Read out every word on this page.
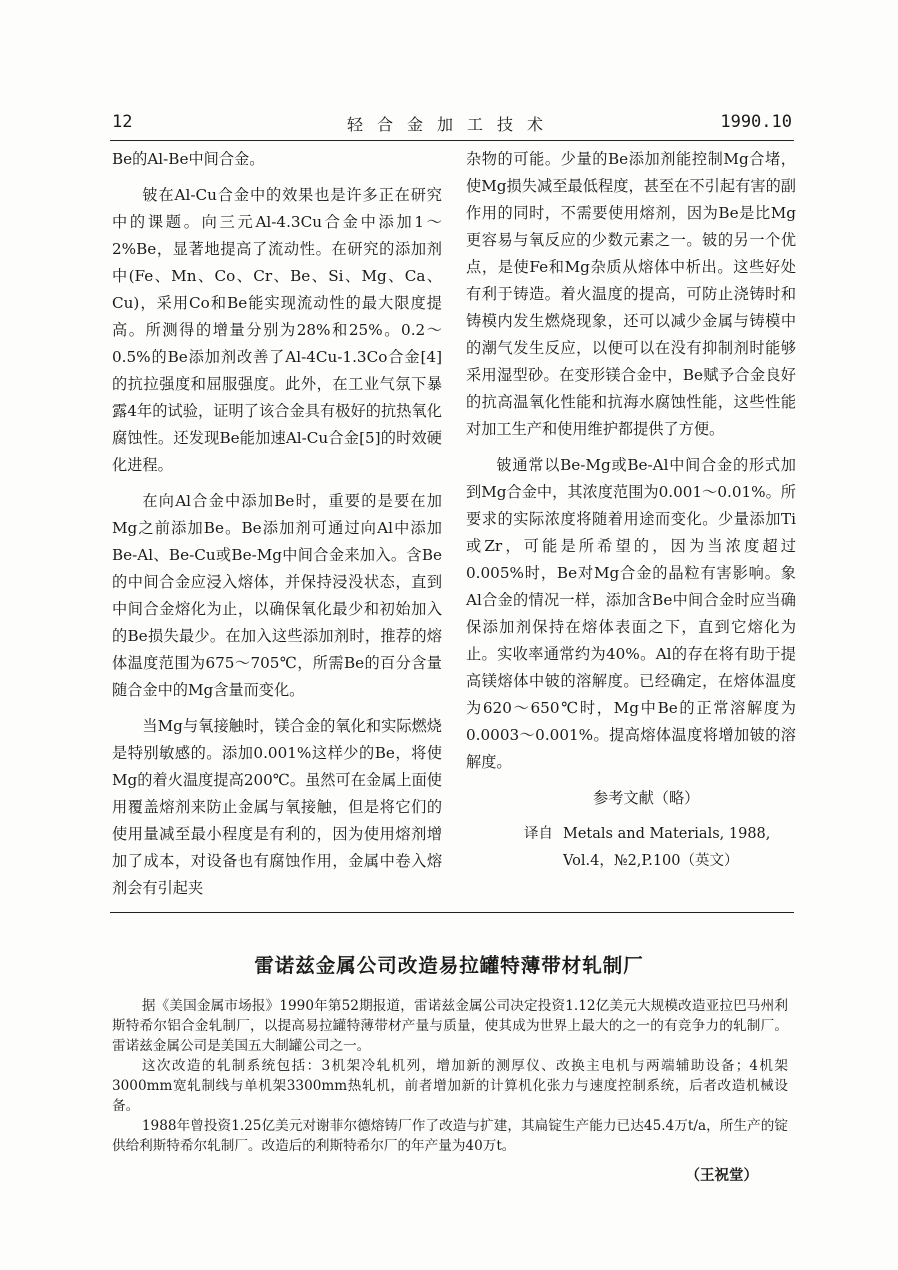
12	轻合金加工技术	1990.10

Be的Al-Be中间合金。

铍在Al-Cu合金中的效果也是许多正在研究中的课题。向三元Al-4.3Cu合金中添加1～2%Be，显著地提高了流动性。在研究的添加剂中(Fe、Mn、Co、Cr、Be、Si、Mg、Ca、Cu)，采用Co和Be能实现流动性的最大限度提高。所测得的增量分别为28%和25%。0.2～0.5%的Be添加剂改善了Al-4Cu-1.3Co合金[4]的抗拉强度和屈服强度。此外，在工业气氛下暴露4年的试验，证明了该合金具有极好的抗热氧化腐蚀性。还发现Be能加速Al-Cu合金[5]的时效硬化进程。

在向Al合金中添加Be时，重要的是要在加Mg之前添加Be。Be添加剂可通过向Al中添加Be-Al、Be-Cu或Be-Mg中间合金来加入。含Be的中间合金应浸入熔体，并保持浸没状态，直到中间合金熔化为止，以确保氧化最少和初始加入的Be损失最少。在加入这些添加剂时，推荐的熔体温度范围为675～705℃，所需Be的百分含量随合金中的Mg含量而变化。

当Mg与氧接触时，镁合金的氧化和实际燃烧是特别敏感的。添加0.001%这样少的Be，将使Mg的着火温度提高200℃。虽然可在金属上面使用覆盖熔剂来防止金属与氧接触，但是将它们的使用量减至最小程度是有利的，因为使用熔剂增加了成本，对设备也有腐蚀作用，金属中卷入熔剂会有引起夹

杂物的可能。少量的Be添加剂能控制Mg合堵，使Mg损失减至最低程度，甚至在不引起有害的副作用的同时，不需要使用熔剂，因为Be是比Mg更容易与氧反应的少数元素之一。铍的另一个优点，是使Fe和Mg杂质从熔体中析出。这些好处有利于铸造。着火温度的提高，可防止浇铸时和铸模内发生燃烧现象，还可以减少金属与铸模中的潮气发生反应，以便可以在没有抑制剂时能够采用湿型砂。在变形镁合金中，Be赋予合金良好的抗高温氧化性能和抗海水腐蚀性能，这些性能对加工生产和使用维护都提供了方便。

铍通常以Be-Mg或Be-Al中间合金的形式加到Mg合金中，其浓度范围为0.001～0.01%。所要求的实际浓度将随着用途而变化。少量添加Ti或Zr，可能是所希望的，因为当浓度超过0.005%时，Be对Mg合金的晶粒有害影响。象Al合金的情况一样，添加含Be中间合金时应当确保添加剂保持在熔体表面之下，直到它熔化为止。实收率通常约为40%。Al的存在将有助于提高镁熔体中铍的溶解度。已经确定，在熔体温度为620～650℃时，Mg中Be的正常溶解度为0.0003～0.001%。提高熔体温度将增加铍的溶解度。

参考文献（略）

译自 Metals and Materials, 1988,
Vol.4，№2,P.100（英文）

雷诺兹金属公司改造易拉罐特薄带材轧制厂

据《美国金属市场报》1990年第52期报道，雷诺兹金属公司决定投资1.12亿美元大规模改造亚拉巴马州利斯特希尔铝合金轧制厂，以提高易拉罐特薄带材产量与质量，使其成为世界上最大的之一的有竞争力的轧制厂。雷诺兹金属公司是美国五大制罐公司之一。

这次改造的轧制系统包括：3机架冷轧机列，增加新的测厚仪、改换主电机与两端辅助设备；4机架3000mm宽轧制线与单机架3300mm热轧机，前者增加新的计算机化张力与速度控制系统，后者改造机械设备。

1988年曾投资1.25亿美元对谢菲尔德熔铸厂作了改造与扩建，其扁锭生产能力已达45.4万t/a，所生产的锭供给利斯特希尔轧制厂。改造后的利斯特希尔厂的年产量为40万t。

（王祝堂）
